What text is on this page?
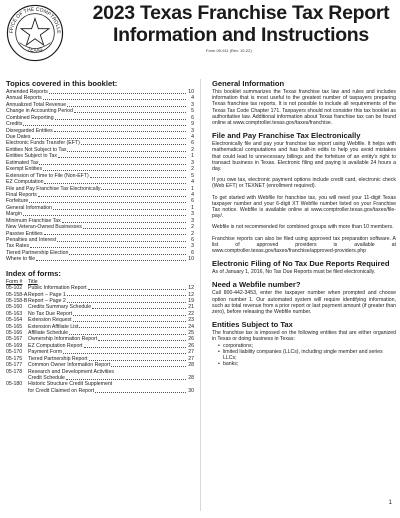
FFICE OF THE COMPTROLLE
TEXAS
2023 Texas Franchise Tax Report
Information and Instructions
Form 05-911 (Rev. 10-22)
Topics covered in this booklet:
Amended Reports	10
Annual Reports	4
Annualized Total Revenue	3
Change in Accounting Period	5
Combined Reporting	6
Credits	9
Disregarded Entities	3
Due Dates	4
Electronic Funds Transfer (EFT)	6
Entities Not Subject to Tax	2
Entities Subject to Tax	1
Estimated Tax	3
Exempt Entities	2
Extension of Time to File (Non-EFT)	5
EZ Computation	4
File and Pay Franchise Tax Electronically	1
Final Reports	4
Forfeiture	6
General Information	1
Margin	3
Minimum Franchise Tax	3
New Veteran-Owned Businesses	2
Passive Entities	2
Penalties and Interest	6
Tax Rates	3
Tiered Partnership Election	6
Where to file	10
Index of forms:
Form #	Title
05-102	Public Information Report	12
05-158-A Report – Page 1	12
05-158-B Report – Page 2	19
05-160	Credits Summary Schedule	21
05-163	No Tax Due Report	22
05-164	Extension Request	23
05-165	Extension Affiliate List	24
05-166	Affiliate Schedule	25
05-167	Ownership Information Report	26
05-169	EZ Computation Report	26
05-170	Payment Form	27
05-175	Tiered Partnership Report	27
05-177	Common Owner Information Report	28
05-178	Research and Development Activities
Credit Schedule	28
05-180	Historic Structure Credit Supplement
for Credit Claimed on Report	30
General Information
This booklet summarizes the Texas franchise tax law and rules and includes information that is most useful to the greatest number of taxpayers preparing Texas franchise tax reports. It is not possible to include all requirements of the Texas Tax Code Chapter 171. Taxpayers should not consider this tax booklet as authoritative law. Additional information about Texas franchise tax can be found online at www.comptroller.texas.gov/taxes/franchise.
File and Pay Franchise Tax Electronically
Electronically file and pay your franchise tax report using Webfile. It helps with mathematical computations and has built-in edits to help you avoid mistakes that could lead to unnecessary billings and the forfeiture of an entity's right to transact business in Texas. Electronic filing and paying is available 24 hours a day.
If you owe tax, electronic payment options include credit card, electronic check (Web EFT) or TEXNET (enrollment required).
To get started with Webfile for franchise tax, you will need your 11-digit Texas taxpayer number and your 6-digit XT Webfile number listed on your Franchise Tax notice. Webfile is available online at www.comptroller.texas.gov/taxes/file-pay/.
Webfile is not recommended for combined groups with more than 10 members.
Franchise reports can also be filed using approved tax preparation software. A list of approved providers is available at www.comptroller.texas.gov/taxes/franchise/approved-providers.php
Electronic Filing of No Tax Due Reports Required
As of January 1, 2016, No Tax Due Reports must be filed electronically.
Need a Webfile number?
Call 800-442-3453, enter the taxpayer number when prompted and choose option number 1. Our automated system will require identifying information, such as total revenue from a prior report or last payment amount (if greater than zero), before releasing the Webfile number.
Entities Subject to Tax
The franchise tax is imposed on the following entities that are either organized in Texas or doing business in Texas:
• corporations;
• limited liability companies (LLCs), including single member and series LLCs;
• banks;
1
